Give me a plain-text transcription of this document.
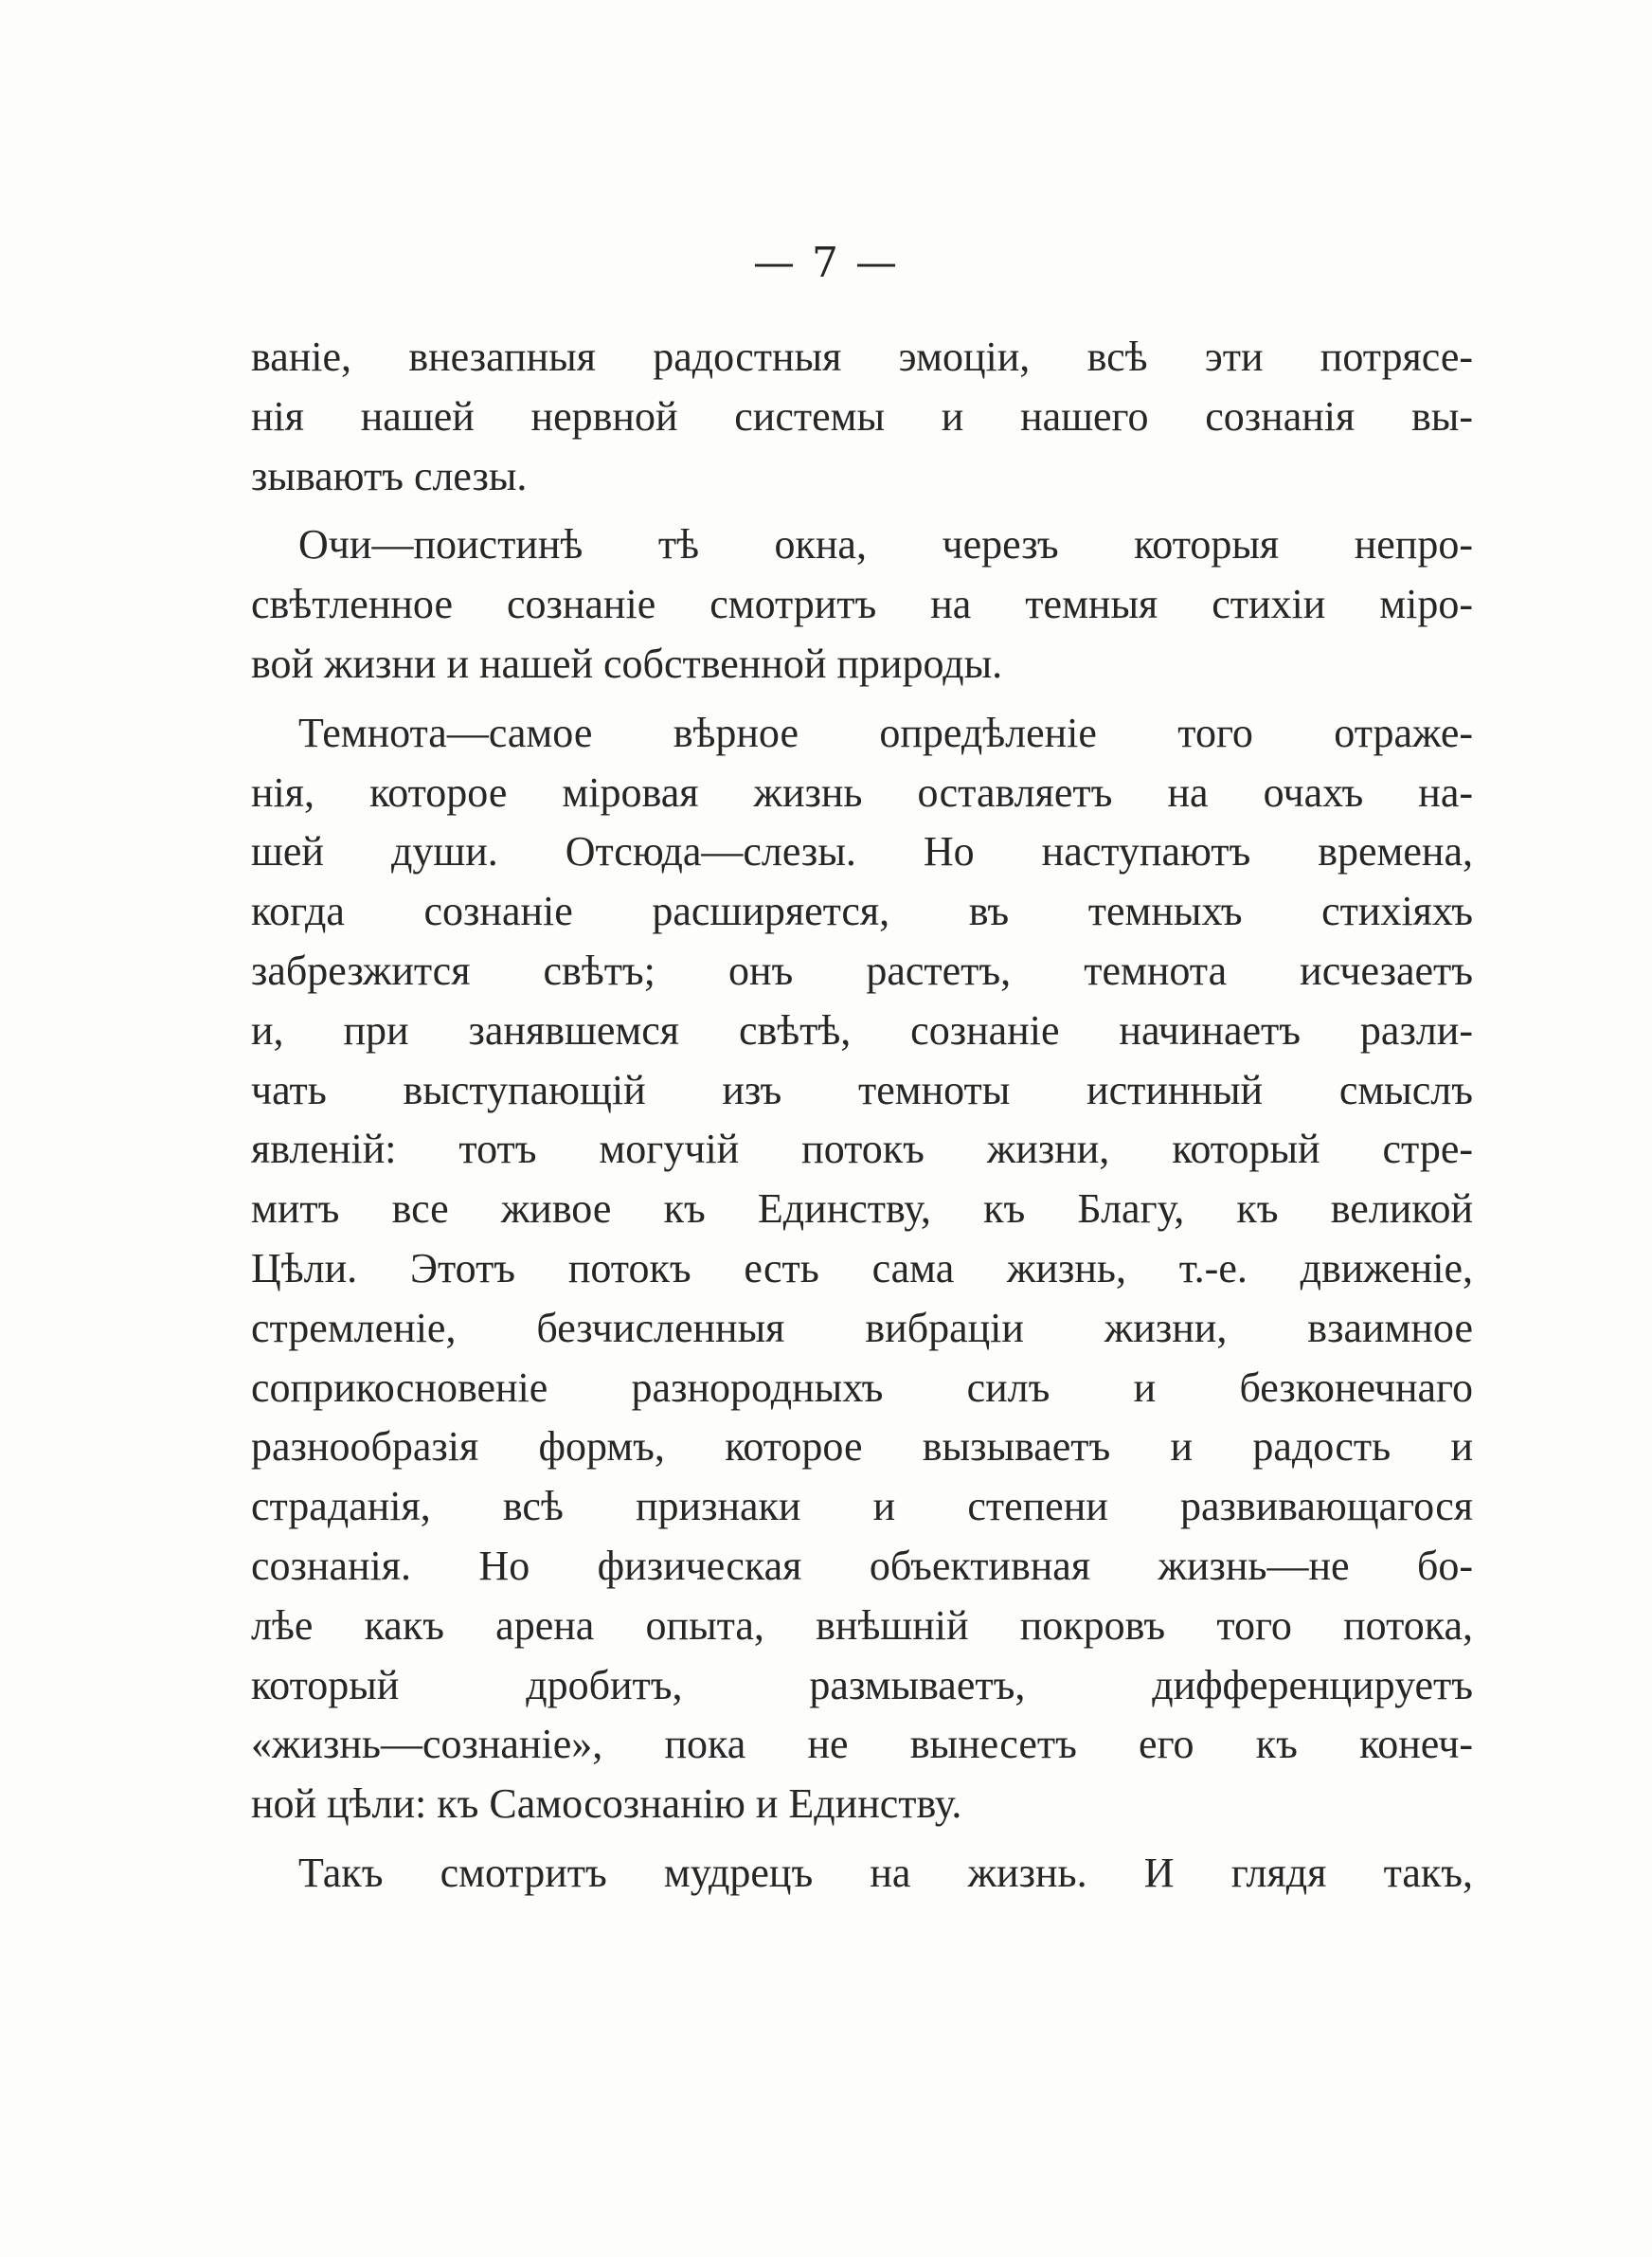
— 7 —
ваніе, внезапныя радостныя эмоціи, всѣ эти потрясе-
нія нашей нервной системы и нашего сознанія вы-
зываютъ слезы.
Очи—поистинѣ тѣ окна, черезъ которыя непро-
свѣтленное сознаніе смотритъ на темныя стихіи міро-
вой жизни и нашей собственной природы.
Темнота—самое вѣрное опредѣленіе того отраже-
нія, которое міровая жизнь оставляетъ на очахъ на-
шей души. Отсюда—слезы. Но наступаютъ времена,
когда сознаніе расширяется, въ темныхъ стихіяхъ
забрезжится свѣтъ; онъ растетъ, темнота исчезаетъ
и, при занявшемся свѣтѣ, сознаніе начинаетъ разли-
чать выступающій изъ темноты истинный смыслъ
явленій: тотъ могучій потокъ жизни, который стре-
митъ все живое къ Единству, къ Благу, къ великой
Цѣли. Этотъ потокъ есть сама жизнь, т.-е. движеніе,
стремленіе, безчисленныя вибраціи жизни, взаимное
соприкосновеніе разнородныхъ силъ и безконечнаго
разнообразія формъ, которое вызываетъ и радость и
страданія, всѣ признаки и степени развивающагося
сознанія. Но физическая объективная жизнь—не бо-
лѣе какъ арена опыта, внѣшній покровъ того потока,
который дробитъ, размываетъ, дифференцируетъ
«жизнь—сознаніе», пока не вынесетъ его къ конеч-
ной цѣли: къ Самосознанію и Единству.
Такъ смотритъ мудрецъ на жизнь. И глядя такъ,
